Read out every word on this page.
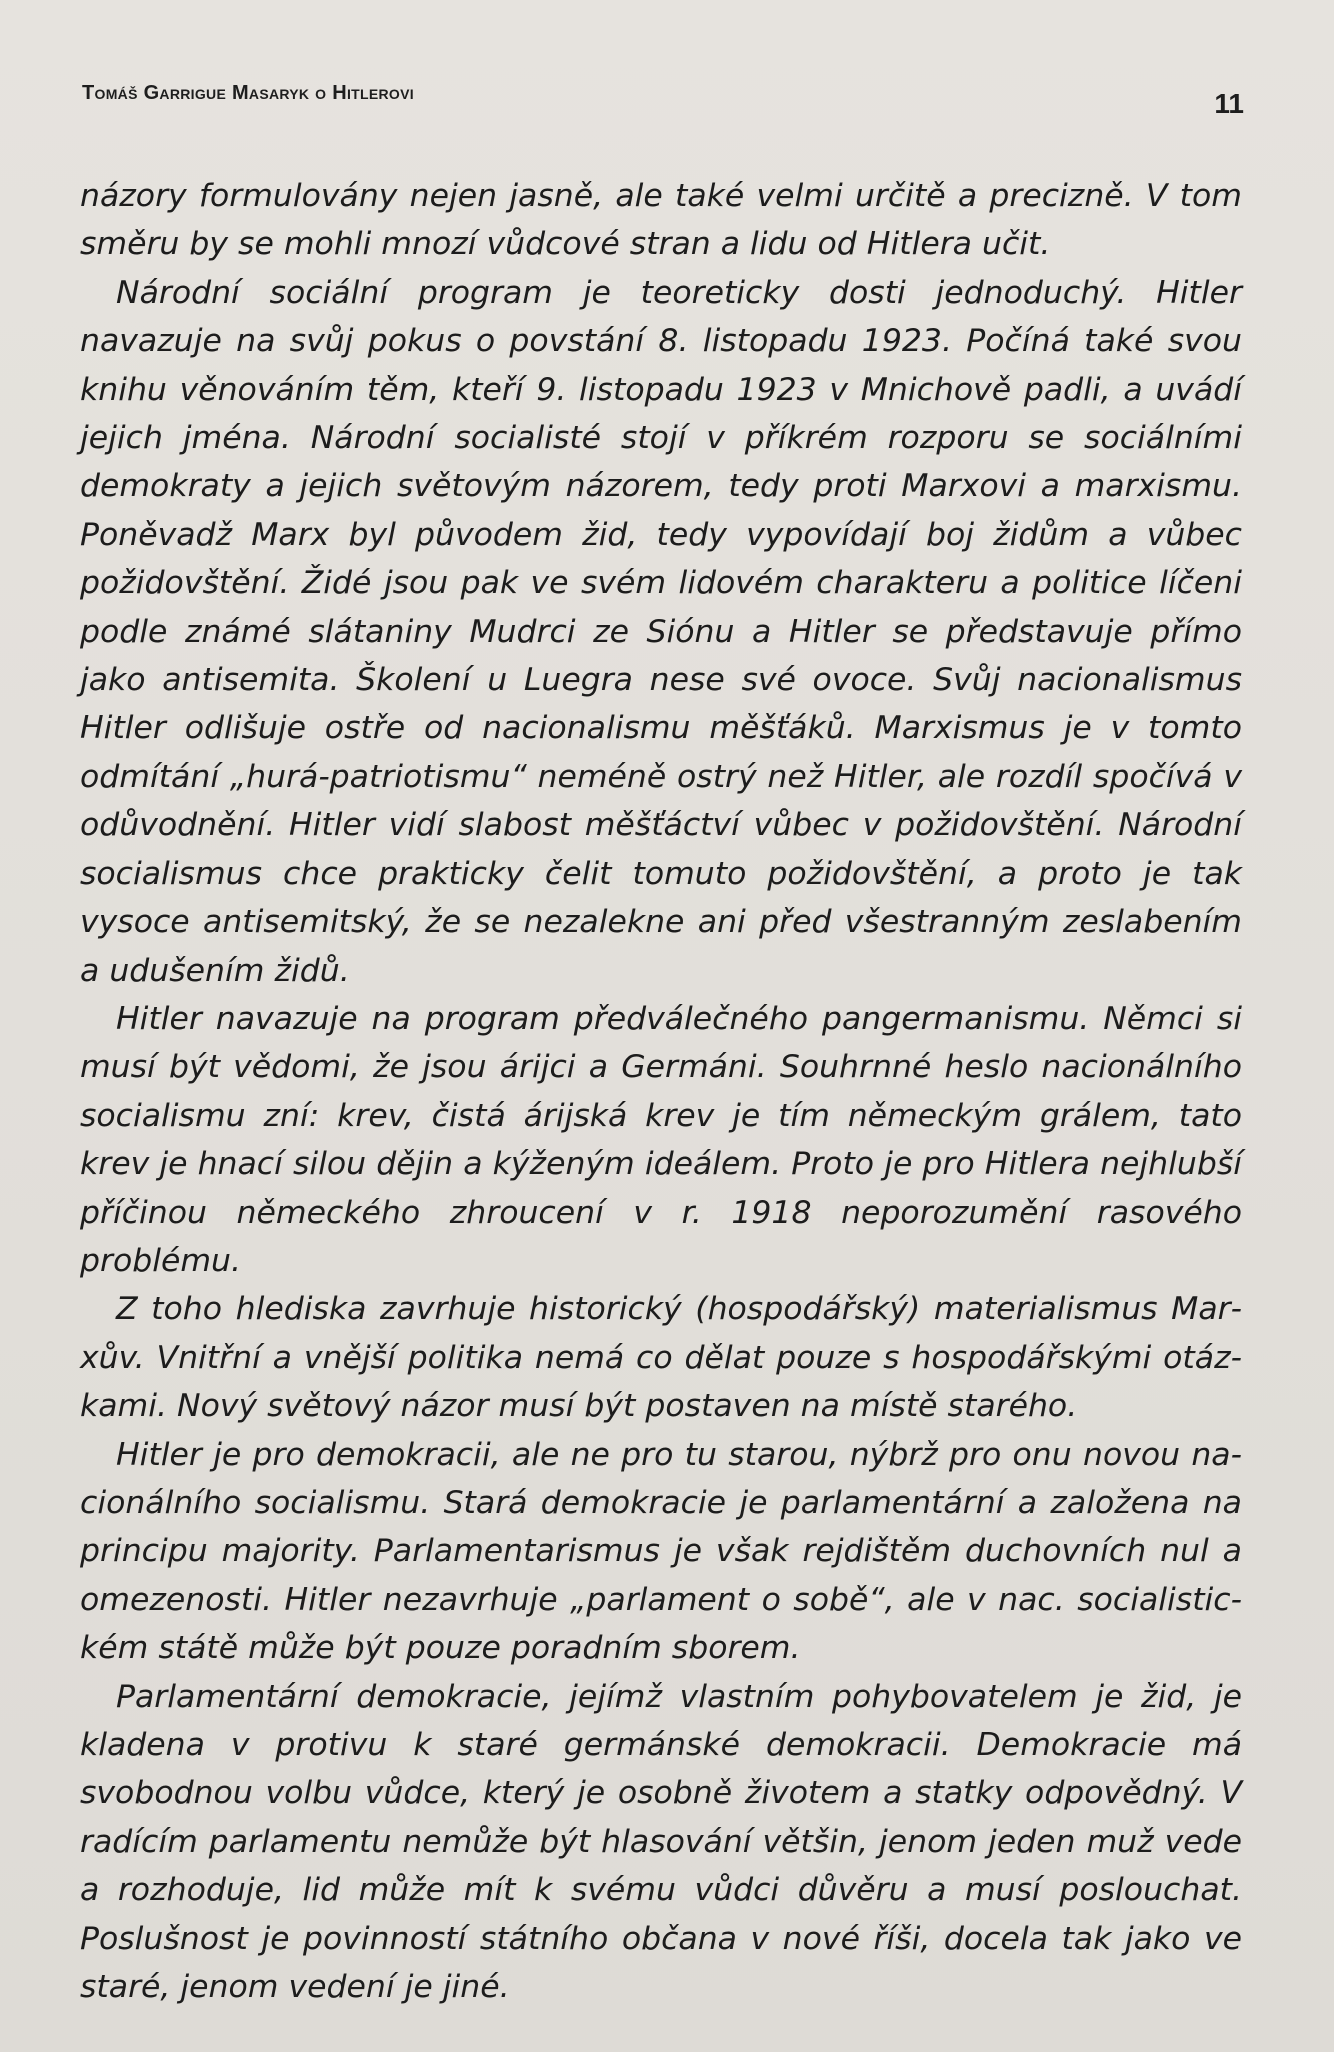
Tomáš Garrigue Masaryk o Hitlerovi	11

názory formulovány nejen jasně, ale také velmi určitě a precizně. V tom směru by se mohli mnozí vůdcové stran a lidu od Hitlera učit.

Národní sociální program je teoreticky dosti jednoduchý. Hitler navazuje na svůj pokus o povstání 8. listopadu 1923. Počíná také svou knihu věnováním těm, kteří 9. listopadu 1923 v Mnichově padli, a uvádí jejich jména. Národní socialisté stojí v příkrém rozporu se sociálními demokraty a jejich světovým názorem, tedy proti Marxovi a marxismu. Poněvadž Marx byl původem žid, tedy vypovídají boj židům a vůbec požidovštění. Židé jsou pak ve svém lidovém charakteru a politice líčeni podle známé slátaniny Mudrci ze Siónu a Hitler se představuje přímo jako antisemita. Školení u Luegra nese své ovoce. Svůj nacionalismus Hitler odlišuje ostře od nacionalismu měšťáků. Marxismus je v tomto odmítání „hurá-patriotismu“ neméně ostrý než Hitler, ale rozdíl spočívá v odůvodnění. Hitler vidí slabost měšťáctví vůbec v požidovštění. Národní socialismus chce prakticky čelit tomuto požidovštění, a proto je tak vysoce antisemitský, že se nezalekne ani před všestranným zeslabením a udušením židů.

Hitler navazuje na program předválečného pangermanismu. Němci si musí být vědomi, že jsou árijci a Germáni. Souhrnné heslo nacionálního socialismu zní: krev, čistá árijská krev je tím německým grálem, tato krev je hnací silou dějin a kýženým ideálem. Proto je pro Hitlera nejhlubší příčinou německého zhroucení v r. 1918 neporozumění rasového problému.

Z toho hlediska zavrhuje historický (hospodářský) materialismus Marxův. Vnitřní a vnější politika nemá co dělat pouze s hospodářskými otázkami. Nový světový názor musí být postaven na místě starého.

Hitler je pro demokracii, ale ne pro tu starou, nýbrž pro onu novou nacionálního socialismu. Stará demokracie je parlamentární a založena na principu majority. Parlamentarismus je však rejdištěm duchovních nul a omezenosti. Hitler nezavrhuje „parlament o sobě“, ale v nac. socialistickém státě může být pouze poradním sborem.

Parlamentární demokracie, jejímž vlastním pohybovatelem je žid, je kladena v protivu k staré germánské demokracii. Demokracie má svobodnou volbu vůdce, který je osobně životem a statky odpovědný. V radícím parlamentu nemůže být hlasování většin, jenom jeden muž vede a rozhoduje, lid může mít k svému vůdci důvěru a musí poslouchat. Poslušnost je povinností státního občana v nové říši, docela tak jako ve staré, jenom vedení je jiné.
